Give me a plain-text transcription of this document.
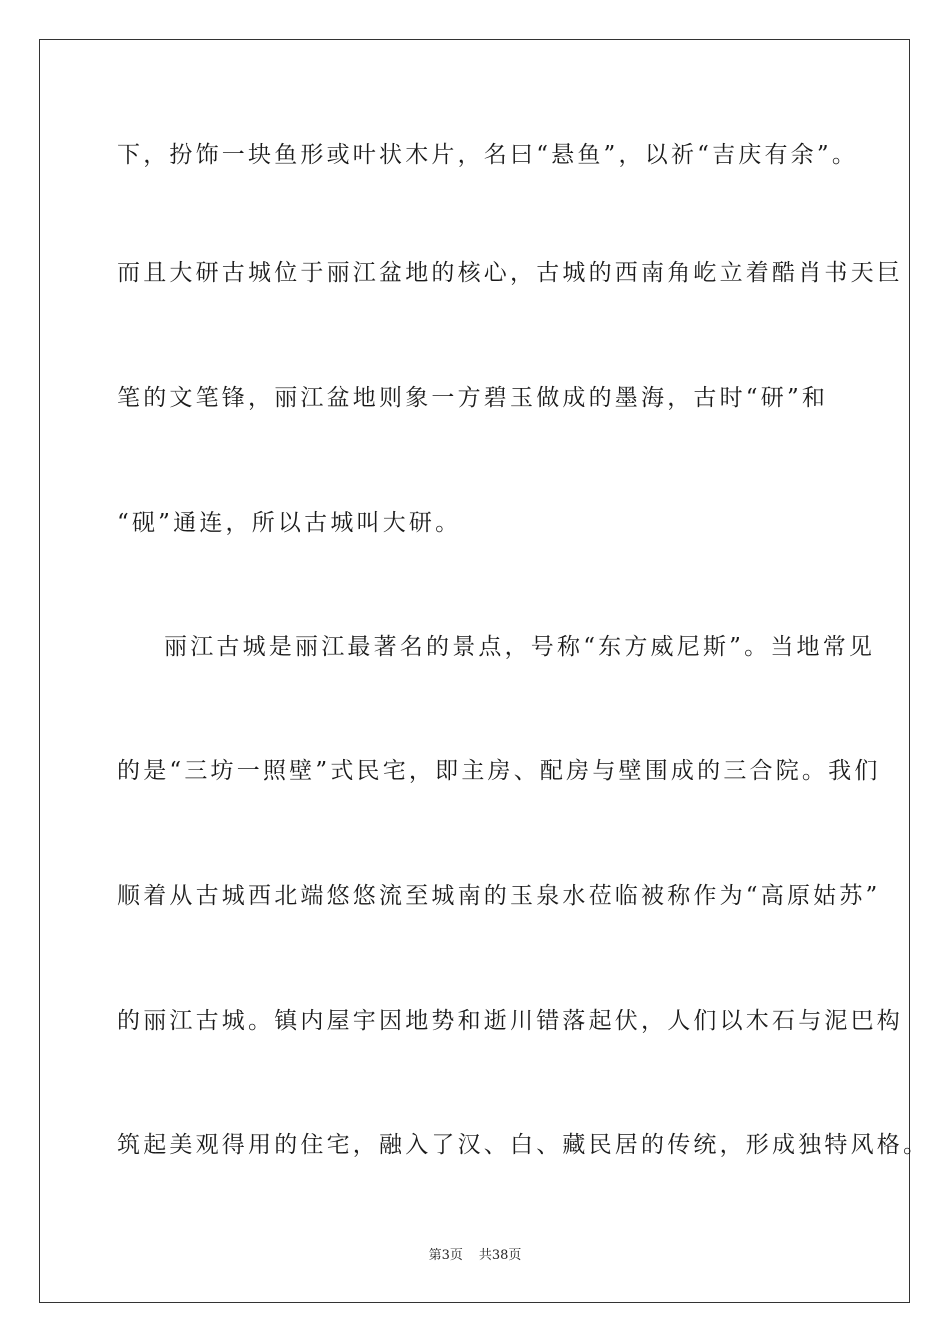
下，扮饰一块鱼形或叶状木片，名曰“悬鱼”，以祈“吉庆有余”。
而且大研古城位于丽江盆地的核心，古城的西南角屹立着酷肖书天巨
笔的文笔锋，丽江盆地则象一方碧玉做成的墨海，古时“研”和
“砚”通连，所以古城叫大研。
丽江古城是丽江最著名的景点，号称“东方威尼斯”。当地常见
的是“三坊一照壁”式民宅，即主房、配房与壁围成的三合院。我们
顺着从古城西北端悠悠流至城南的玉泉水莅临被称作为“高原姑苏”
的丽江古城。镇内屋宇因地势和逝川错落起伏，人们以木石与泥巴构
筑起美观得用的住宅，融入了汉、白、藏民居的传统，形成独特风格。
第3页 共38页
